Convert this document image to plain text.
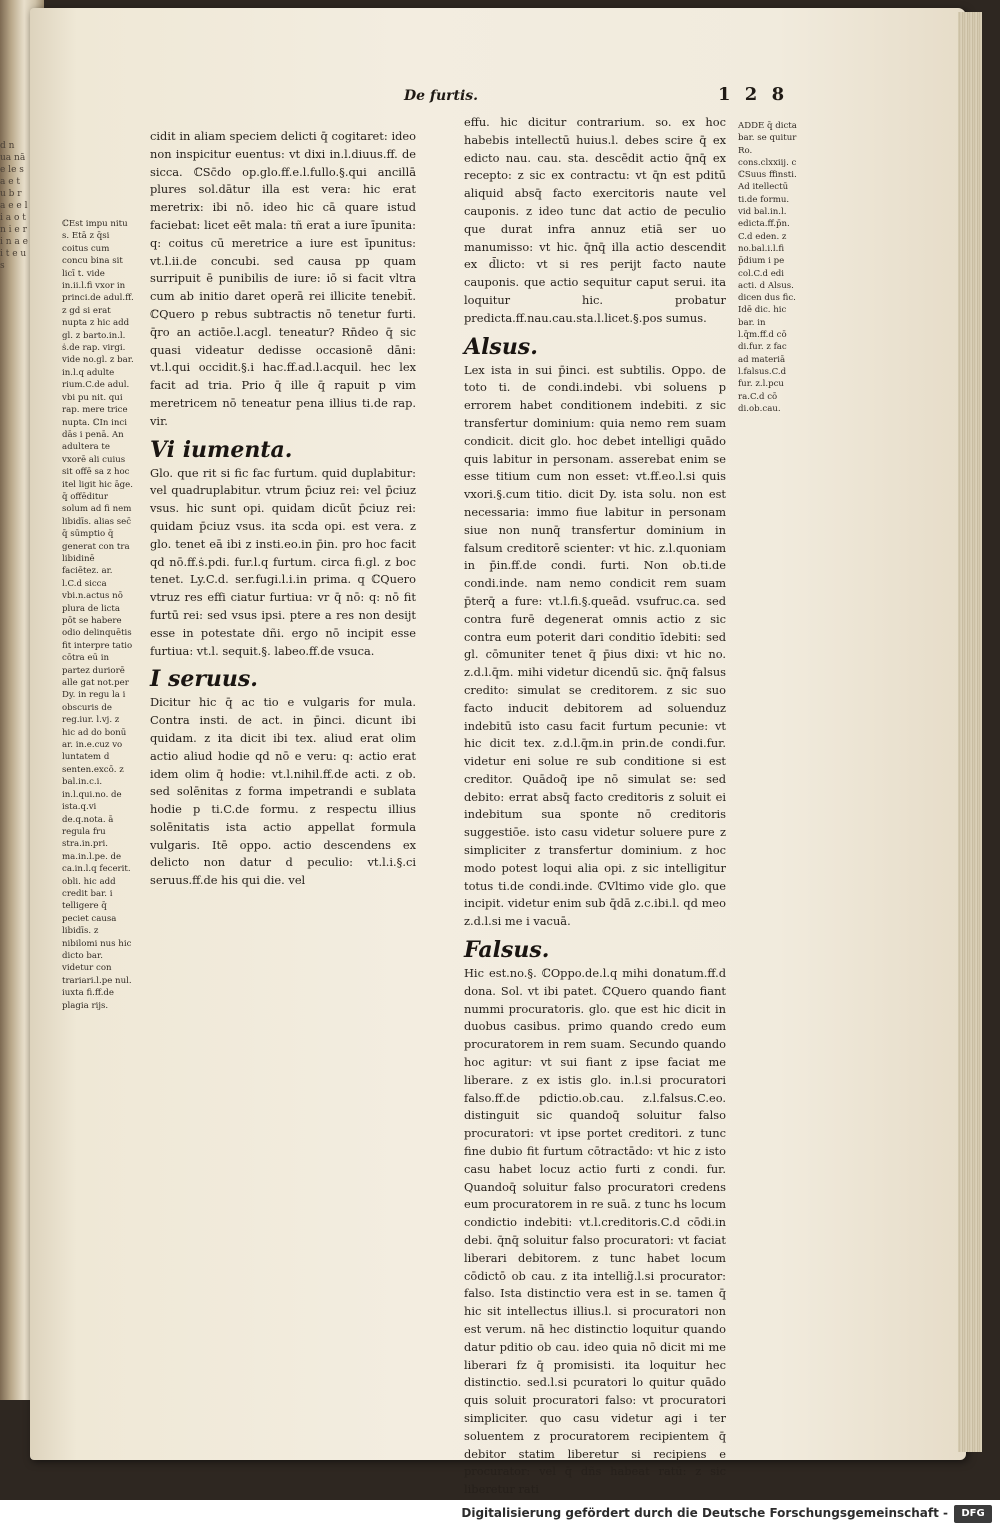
d n ua nā e le s a e t u b r a e e l i a o t n i e r i n a e i t e u s
De furtis.	1 2 8
ℂEst impu nitu s. Etā z q̄si coitus cum concu bina sit licī t. vide in.ii.l.fi vxor in princi.de adul.ff. z gd si erat nupta z hic add gl. z barto.in.l. ṡ.de rap. virgi. vide no.gl. z bar. in.l.q adulte rium.C.de adul. vbi pu nit. qui rap. mere trice nupta. ℂIn inci dās i penā. An adultera te vxorē ali cuius sit offē sa z hoc itel ligit hic āge. q̄ offēditur solum ad fi nem libidīs. alias sec̄ q̄ sūmptio q̄ generat con tra libidinē faciētez. ar. l.C.d sicca vbi.n.actus nō plura de licta pōt se habere odio delinquētis fit interpre tatio cōtra eū in partez duriorē alle gat not.per Dy. in regu la i obscuris de reg.iur. l.vj. z hic ad do bonū ar. in.e.cuz vo luntatem d senten.excō. z bal.in.c.i. in.l.qui.no. de ista.q.vi de.q.nota. ā regula fru stra.in.pri. ma.in.l.pe. de ca.in.l.q fecerit. obli. hic add credit bar. i telligere q̄ peciet causa libidīs. z nibilomi nus hic dicto bar. videtur con trariari.l.pe nul. iuxta fi.ff.de plagia rijs.

cidit in aliam speciem delicti q̄ cogitaret: ideo non inspicitur euentus: vt dixi in.l.diuus.ff. de sicca. ℂSc̄do op.glo.ff.e.l.fullo.§.qui ancillā plures sol.dātur illa est vera: hic erat meretrix: ibi nō. ideo hic cā quare istud faciebat: licet eēt mala: tñ erat a iure īpunita: q: coitus cū meretrice a iure est īpunitus: vt.l.ii.de concubi. sed causa pp quam surripuit ē punibilis de iure: iō si facit vltra cum ab initio daret operā rei illicite tenebit̄. ℂQuero p rebus subtractis nō tenetur furti. q̄ro an actiōe.l.acgl. teneatur? Rn̄deo q̄ sic quasi videatur dedisse occasionē dāni: vt.l.qui occidit.§.i hac.ff.ad.l.acquil. hec lex facit ad tria. Prio q̄ ille q̄ rapuit p vim meretricem nō teneatur pena illius ti.de rap. vir.

Vi iumenta.

Glo. que rit si fic fac furtum. quid duplabitur: vel quadruplabitur. vtrum p̄ciuz rei: vel p̄ciuz vsus. hic sunt opi. quidam dicūt p̄ciuz rei: quidam p̄ciuz vsus. ita scda opi. est vera. z glo. tenet eā ibi z insti.eo.in p̄in. pro hoc facit qd nō.ff.ṡ.pdi. fur.l.q furtum. circa fi.gl. z boc tenet. Ly.C.d. ser.fugi.l.i.in prima. q ℂQuero vtruz res effi ciatur furtiua: vr q̄ nō: q: nō fit furtū rei: sed vsus ipsi. ptere a res non desijt esse in potestate dñi. ergo nō incipit esse furtiua: vt.l. sequit.§. labeo.ff.de vsuca.

I seruus.

Dicitur hic q̄ ac tio e vulgaris for mula. Contra insti. de act. in p̄inci. dicunt ibi quidam. z ita dicit ibi tex. aliud erat olim actio aliud hodie qd nō e veru: q: actio erat idem olim q̄ hodie: vt.l.nihil.ff.de acti. z ob. sed solēnitas z forma impetrandi e sublata hodie p ti.C.de formu. z respectu illius solēnitatis ista actio appellat formula vulgaris. Itē oppo. actio descendens ex delicto non datur d peculio: vt.l.i.§.ci seruus.ff.de his qui die. vel

effu. hic dicitur contrarium. so. ex hoc habebis intellectū huius.l. debes scire q̄ ex edicto nau. cau. sta. descēdit actio q̄nq̄ ex recepto: z sic ex contractu: vt q̄n est pditū aliquid absq̄ facto exercitoris naute vel cauponis. z ideo tunc dat actio de peculio que durat infra annuz etiā ser uo manumisso: vt hic. q̄nq̄ illa actio descendit ex d̄licto: vt si res perijt facto naute cauponis. que actio sequitur caput serui. ita loquitur hic. probatur predicta.ff.nau.cau.sta.l.licet.§.pos sumus.

Alsus.

Lex ista in sui p̄inci. est subtilis. Oppo. de toto ti. de condi.indebi. vbi soluens p errorem habet conditionem indebiti. z sic transfertur dominium: quia nemo rem suam condicit. dicit glo. hoc debet intelligi quādo quis labitur in personam. asserebat enim se esse titium cum non esset: vt.ff.eo.l.si quis vxori.§.cum titio. dicit Dy. ista solu. non est necessaria: immo fiue labitur in personam siue non nunq̄ transfertur dominium in falsum creditorē scienter: vt hic. z.l.quoniam in p̄in.ff.de condi. furti. Non ob.ti.de condi.inde. nam nemo condicit rem suam p̄terq̄ a fure: vt.l.fi.§.queād. vsufruc.ca. sed contra furē degenerat omnis actio z sic contra eum poterit dari conditio īdebiti: sed gl. cōmuniter tenet q̄ p̄ius dixi: vt hic no. z.d.l.q̄m. mihi videtur dicendū sic. q̄nq̄ falsus credito: simulat se creditorem. z sic suo facto inducit debitorem ad soluenduz indebitū isto casu facit furtum pecunie: vt hic dicit tex. z.d.l.q̄m.in prin.de condi.fur. videtur eni solue re sub conditione si est creditor. Quādoq̄ ipe nō simulat se: sed debito: errat absq̄ facto creditoris z soluit ei indebitum sua sponte nō creditoris suggestiōe. isto casu videtur soluere pure z simpliciter z transfertur dominium. z hoc modo potest loqui alia opi. z sic intelligitur totus ti.de condi.inde. ℂVltimo vide glo. que incipit. videtur enim sub q̄dā z.c.ibi.l. qd meo z.d.l.si me i vacuā.

Falsus.

Hic est.no.§. ℂOppo.de.l.q mihi donatum.ff.d dona. Sol. vt ibi patet. ℂQuero quando fiant nummi procuratoris. glo. que est hic dicit in duobus casibus. primo quando credo eum procuratorem in rem suam. Secundo quando hoc agitur: vt sui fiant z ipse faciat me liberare. z ex istis glo. in.l.si procuratori falso.ff.de pdictio.ob.cau. z.l.falsus.C.eo. distinguit sic quandoq̄ soluitur falso procuratori: vt ipse portet creditori. z tunc fine dubio fit furtum cōtractādo: vt hic z isto casu habet locuz actio furti z condi. fur. Quandoq̄ soluitur falso procuratori credens eum procuratorem in re suā. z tunc hs locum condictio indebiti: vt.l.creditoris.C.d cōdi.in debi. q̄nq̄ soluitur falso procuratori: vt faciat liberari debitorem. z tunc habet locum cōdictō ob cau. z ita intellig̃.l.si procurator: falso. Ista distinctio vera est in se. tamen q̄ hic sit intellectus illius.l. si procuratori non est verum. nā hec distinctio loquitur quando datur pditio ob cau. ideo quia nō dicit mi me liberari fz q̄ promisisti. ita loquitur hec distinctio. sed.l.si pcuratori lo quitur quādo quis soluit procuratori falso: vt procuratori simpliciter. quo casu videtur agi i ter soluentem z procuratorem recipientem q̄ debitor statim liberetur si recipiens e procurator: vel q̄ dñs habeat ratū: z sic liberetur rati

ADDE q̄ dicta bar. se quitur Ro. cons.clxxiij. c ℂSuus ffinsti. Ad itellectū ti.de formu. vid bal.in.l. edicta.ff.p̄n. C.d eden. z no.bal.i.l.fi p̄dium i pe col.C.d edi acti. d Alsus. dicen dus fic. Idē dic. hic bar. in l.q̄m.ff.d cō di.fur. z fac ad materiā l.falsus.C.d fur. z.l.pcu ra.C.d cō di.ob.cau.
Digitalisierung gefördert durch die Deutsche Forschungsgemeinschaft -	DFG
